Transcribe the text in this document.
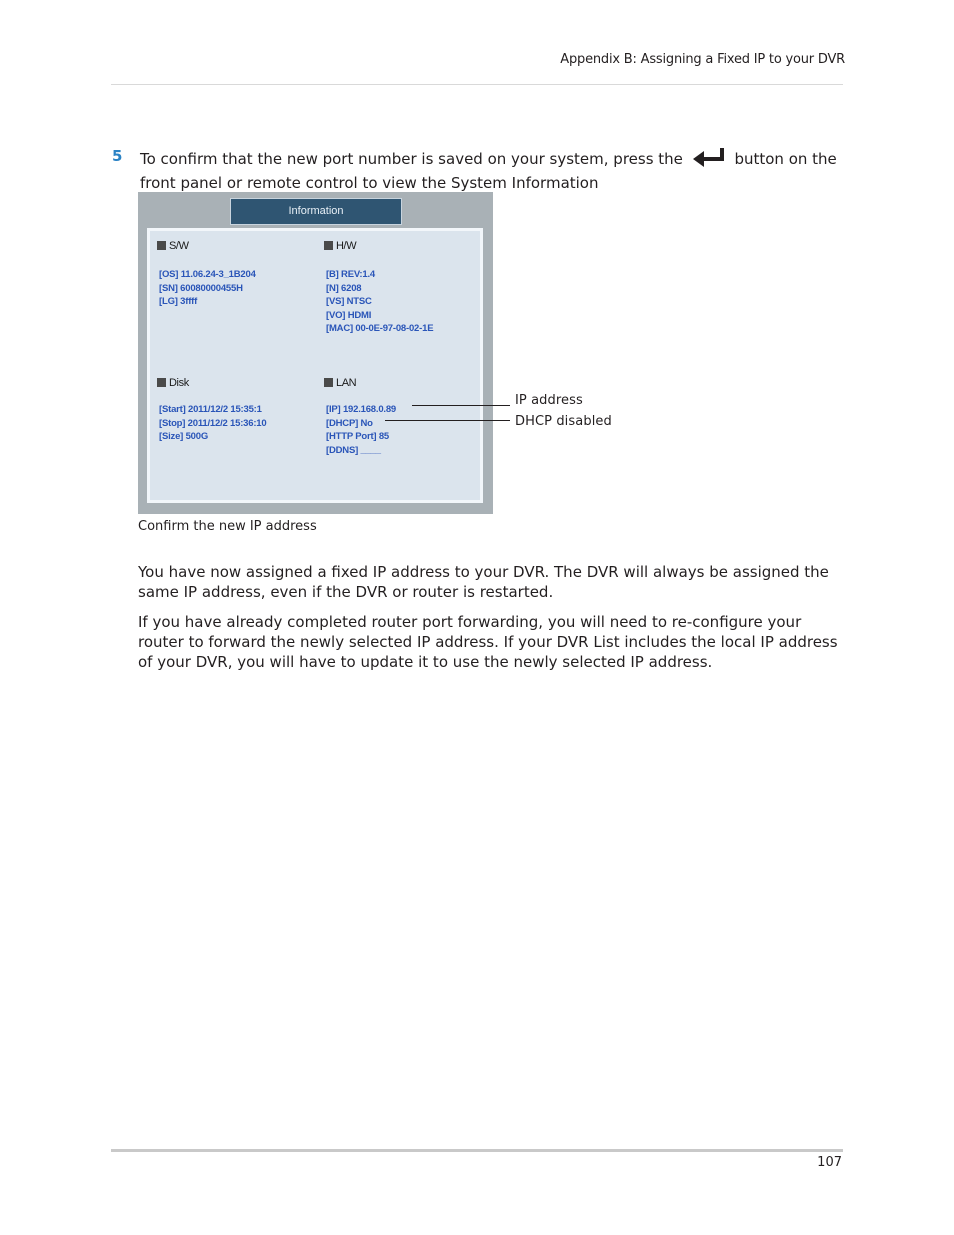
Appendix B: Assigning a Fixed IP to your DVR
5 To confirm that the new port number is saved on your system, press the	button on the front panel or remote control to view the System Information
Information
S/W
[OS] 11.06.24-3_1B204
[SN] 60080000455H
[LG] 3ffff
H/W
[B] REV:1.4
[N] 6208
[VS] NTSC
[VO] HDMI
[MAC] 00-0E-97-08-02-1E
Disk
[Start] 2011/12/2 15:35:1
[Stop] 2011/12/2 15:36:10
[Size] 500G
LAN
[IP] 192.168.0.89
[DHCP] No
[HTTP Port] 85
[DDNS] ____
IP address
DHCP disabled
Confirm the new IP address
You have now assigned a fixed IP address to your DVR. The DVR will always be assigned the same IP address, even if the DVR or router is restarted.
If you have already completed router port forwarding, you will need to re-configure your router to forward the newly selected IP address. If your DVR List includes the local IP address of your DVR, you will have to update it to use the newly selected IP address.
107
